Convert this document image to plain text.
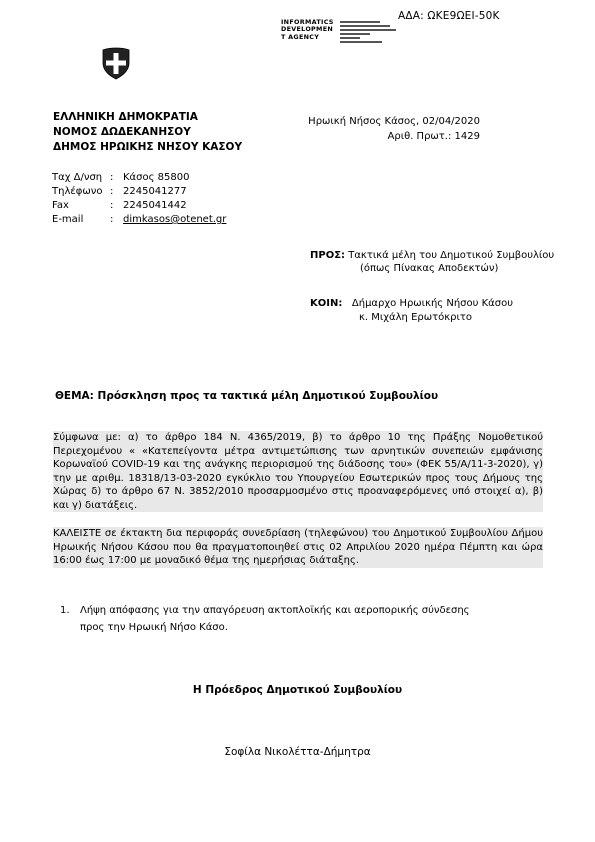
ΑΔΑ: ΩΚΕ9ΩΕΙ-50Κ
INFORMATICS
DEVELOPMEN
T AGENCY
ΕΛΛΗΝΙΚΗ ΔΗΜΟΚΡΑΤΙΑ
ΝΟΜΟΣ ΔΩΔΕΚΑΝΗΣΟΥ
ΔΗΜΟΣ ΗΡΩΙΚΗΣ ΝΗΣΟΥ ΚΑΣΟΥ
Ηρωική Νήσος Κάσος, 02/04/2020
Αριθ. Πρωτ.: 1429
Ταχ Δ/νση : Κάσος 85800
Τηλέφωνο : 2245041277
Fax	: 2245041442
E-mail	: dimkasos@otenet.gr
ΠΡΟΣ: Τακτικά μέλη του Δημοτικού Συμβουλίου
(όπως Πίνακας Αποδεκτών)
ΚΟΙΝ: Δήμαρχο Ηρωικής Νήσου Κάσου
κ. Μιχάλη Ερωτόκριτο
ΘΕΜΑ: Πρόσκληση προς τα τακτικά μέλη Δημοτικού Συμβουλίου
Σύμφωνα με: α) το άρθρο 184 Ν. 4365/2019, β) το άρθρο 10 της Πράξης Νομοθετικού Περιεχομένου « «Κατεπείγοντα μέτρα αντιμετώπισης των αρνητικών συνεπειών εμφάνισης Κορωναϊού COVID-19 και της ανάγκης περιορισμού της διάδοσης του» (ΦΕΚ 55/Α/11-3-2020), γ) την με αριθμ. 18318/13-03-2020 εγκύκλιο του Υπουργείου Εσωτερικών προς τους Δήμους της Χώρας δ) το άρθρο 67 Ν. 3852/2010 προσαρμοσμένο στις προαναφερόμενες υπό στοιχεί α), β) και γ) διατάξεις.
ΚΑΛΕΙΣΤΕ σε έκτακτη δια περιφοράς συνεδρίαση (τηλεφώνου) του Δημοτικού Συμβουλίου Δήμου Ηρωικής Νήσου Κάσου που θα πραγματοποιηθεί στις 02 Απριλίου 2020 ημέρα Πέμπτη και ώρα 16:00 έως 17:00 με μοναδικό θέμα της ημερήσιας διάταξης.
1. Λήψη απόφασης για την απαγόρευση ακτοπλοϊκής και αεροπορικής σύνδεσης
προς την Ηρωική Νήσο Κάσο.
Η Πρόεδρος Δημοτικού Συμβουλίου
Σοφίλα Νικολέττα-Δήμητρα
